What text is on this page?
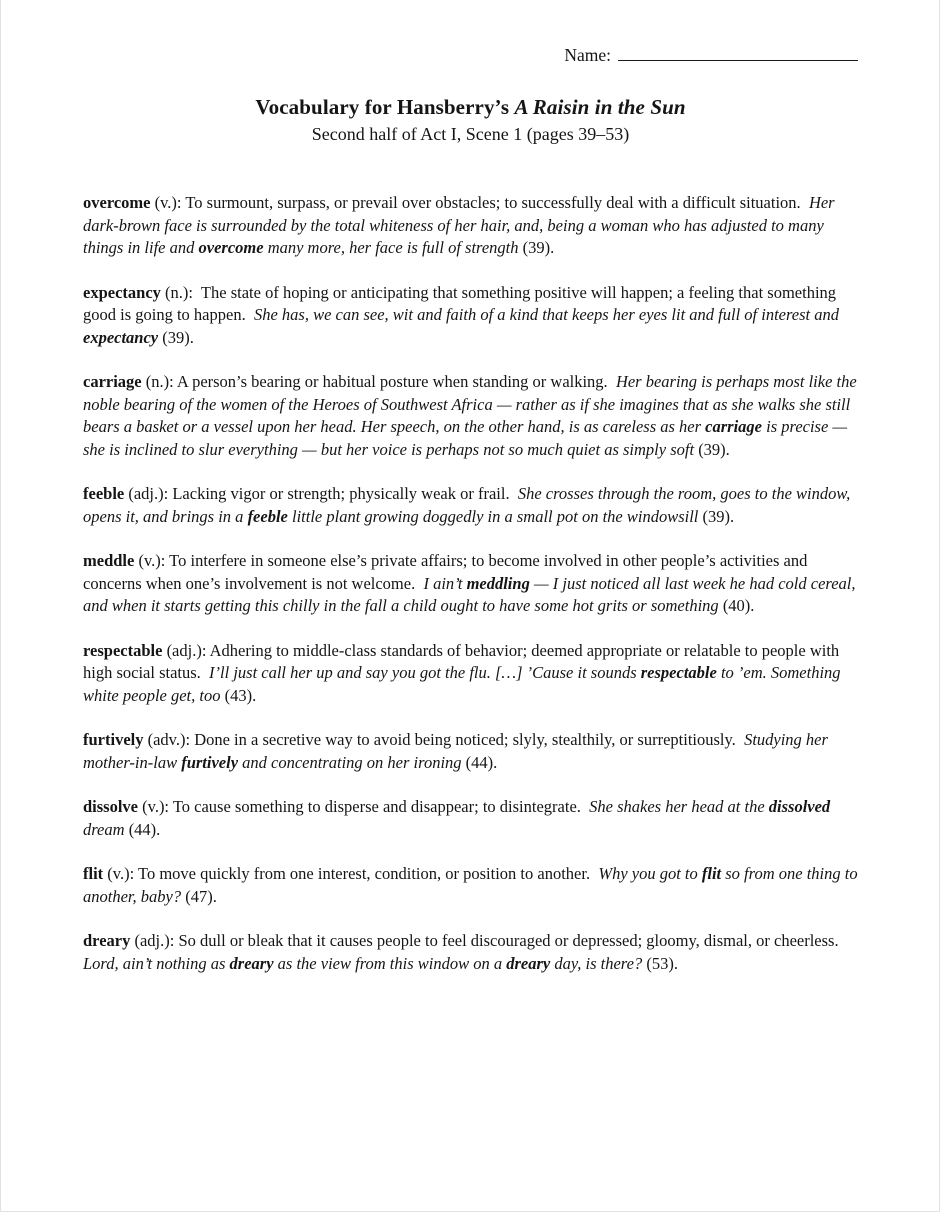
Name:
Vocabulary for Hansberry’s A Raisin in the Sun
Second half of Act I, Scene 1 (pages 39–53)

overcome (v.): To surmount, surpass, or prevail over obstacles; to successfully deal with a difficult situation.  Her dark-brown face is surrounded by the total whiteness of her hair, and, being a woman who has adjusted to many things in life and overcome many more, her face is full of strength (39).

expectancy (n.):  The state of hoping or anticipating that something positive will happen; a feeling that something good is going to happen.  She has, we can see, wit and faith of a kind that keeps her eyes lit and full of interest and expectancy (39).

carriage (n.): A person’s bearing or habitual posture when standing or walking.  Her bearing is perhaps most like the noble bearing of the women of the Heroes of Southwest Africa — rather as if she imagines that as she walks she still bears a basket or a vessel upon her head. Her speech, on the other hand, is as careless as her carriage is precise — she is inclined to slur everything — but her voice is perhaps not so much quiet as simply soft (39).

feeble (adj.): Lacking vigor or strength; physically weak or frail.  She crosses through the room, goes to the window, opens it, and brings in a feeble little plant growing doggedly in a small pot on the windowsill (39).

meddle (v.): To interfere in someone else’s private affairs; to become involved in other people’s activities and concerns when one’s involvement is not welcome.  I ain’t meddling — I just noticed all last week he had cold cereal, and when it starts getting this chilly in the fall a child ought to have some hot grits or something (40).

respectable (adj.): Adhering to middle-class standards of behavior; deemed appropriate or relatable to people with high social status.  I’ll just call her up and say you got the flu. […] ’Cause it sounds respectable to ’em. Something white people get, too (43).

furtively (adv.): Done in a secretive way to avoid being noticed; slyly, stealthily, or surreptitiously.  Studying her mother-in-law furtively and concentrating on her ironing (44).

dissolve (v.): To cause something to disperse and disappear; to disintegrate.  She shakes her head at the dissolved dream (44).

flit (v.): To move quickly from one interest, condition, or position to another.  Why you got to flit so from one thing to another, baby? (47).

dreary (adj.): So dull or bleak that it causes people to feel discouraged or depressed; gloomy, dismal, or cheerless.  Lord, ain’t nothing as dreary as the view from this window on a dreary day, is there? (53).
